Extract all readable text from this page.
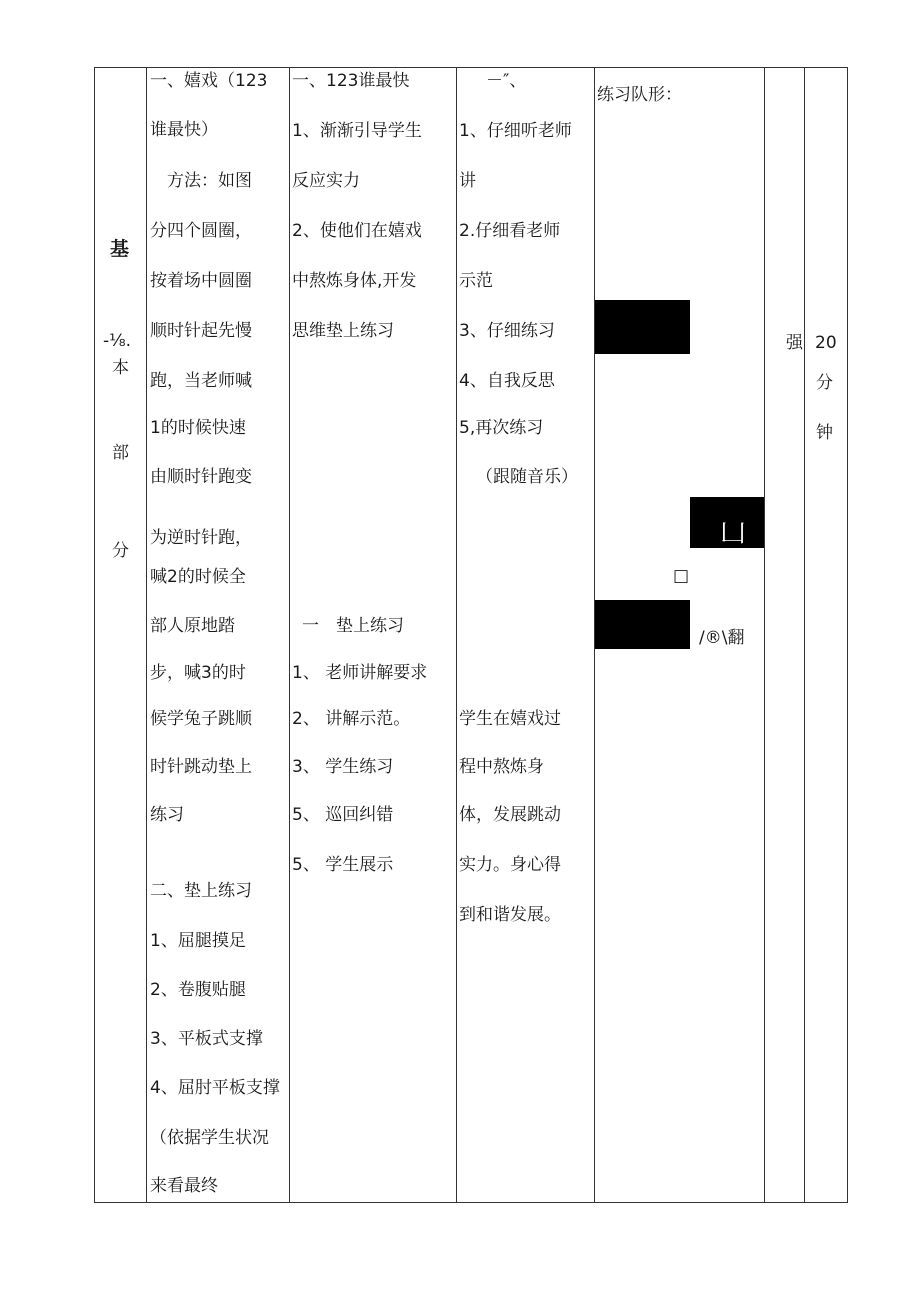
基
-⅛.
本
部
分
一、嬉戏（123
谁最快）
　方法：如图
分四个圆圈，
按着场中圆圈
顺时针起先慢
跑，当老师喊
1的时候快速
由顺时针跑变
为逆时针跑，
喊2的时候全
部人原地踏
步，喊3的时
候学兔子跳顺
时针跳动垫上
练习
二、垫上练习
1、屈腿摸足
2、卷腹贴腿
3、平板式支撑
4、屈肘平板支撑
（依据学生状况
来看最终
一、123谁最快
1、渐渐引导学生
反应实力
2、使他们在嬉戏
中熬炼身体,开发
思维垫上练习
一　垫上练习
1、 老师讲解要求
2、 讲解示范。
3、 学生练习
5、 巡回纠错
5、 学生展示
－″、
1、仔细听老师
讲
2.仔细看老师
示范
3、仔细练习
4、自我反思
5,再次练习
（跟随音乐）
学生在嬉戏过
程中熬炼身
体，发展跳动
实力。身心得
到和谐发展。
练习队形：
凵
□
/®\翻
强 20
分
钟
